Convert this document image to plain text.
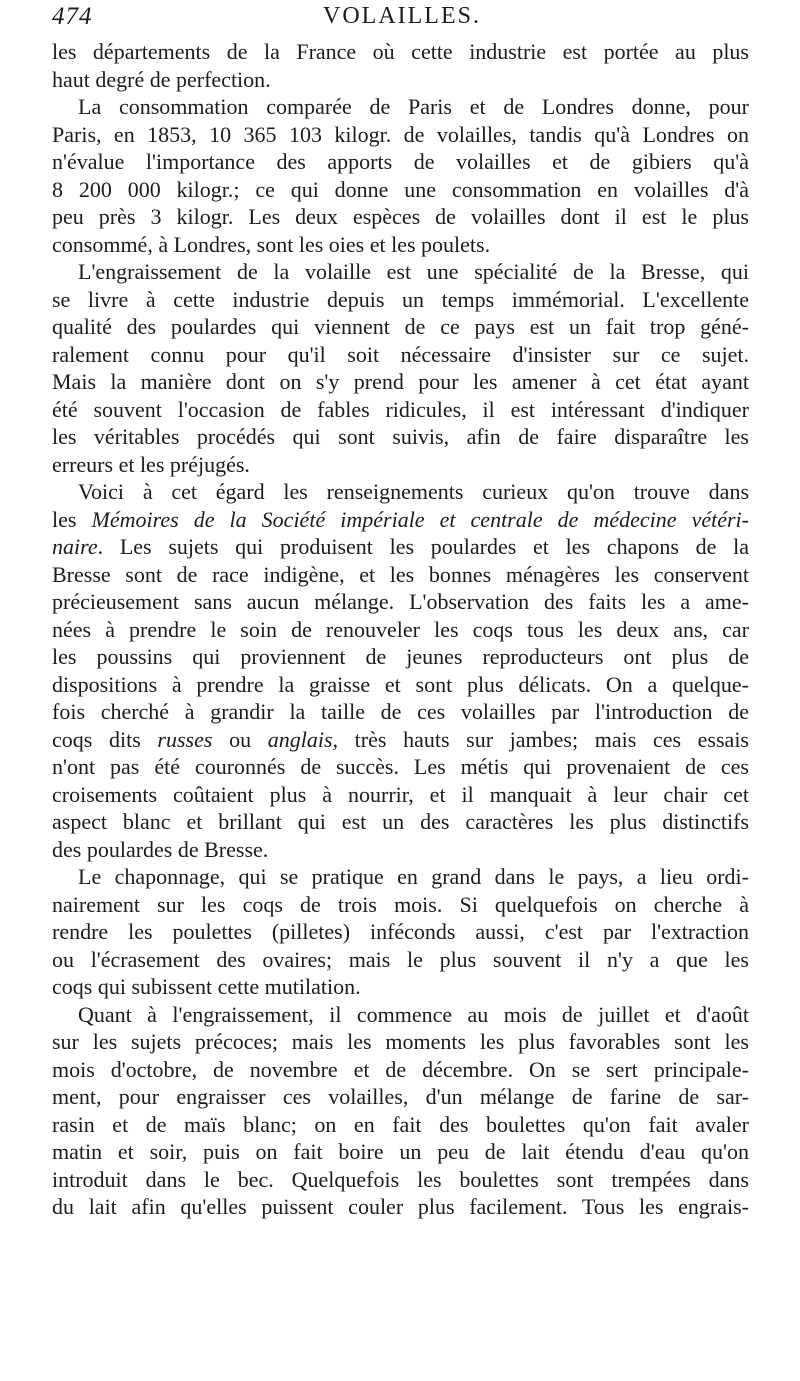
474	VOLAILLES.
les départements de la France où cette industrie est portée au plus
haut degré de perfection.
La consommation comparée de Paris et de Londres donne, pour
Paris, en 1853, 10 365 103 kilogr. de volailles, tandis qu'à Londres on
n'évalue l'importance des apports de volailles et de gibiers qu'à
8 200 000 kilogr.; ce qui donne une consommation en volailles d'à
peu près 3 kilogr. Les deux espèces de volailles dont il est le plus
consommé, à Londres, sont les oies et les poulets.
L'engraissement de la volaille est une spécialité de la Bresse, qui
se livre à cette industrie depuis un temps immémorial. L'excellente
qualité des poulardes qui viennent de ce pays est un fait trop géné-
ralement connu pour qu'il soit nécessaire d'insister sur ce sujet.
Mais la manière dont on s'y prend pour les amener à cet état ayant
été souvent l'occasion de fables ridicules, il est intéressant d'indiquer
les véritables procédés qui sont suivis, afin de faire disparaître les
erreurs et les préjugés.
Voici à cet égard les renseignements curieux qu'on trouve dans
les Mémoires de la Société impériale et centrale de médecine vétéri-
naire. Les sujets qui produisent les poulardes et les chapons de la
Bresse sont de race indigène, et les bonnes ménagères les conservent
précieusement sans aucun mélange. L'observation des faits les a ame-
nées à prendre le soin de renouveler les coqs tous les deux ans, car
les poussins qui proviennent de jeunes reproducteurs ont plus de
dispositions à prendre la graisse et sont plus délicats. On a quelque-
fois cherché à grandir la taille de ces volailles par l'introduction de
coqs dits russes ou anglais, très hauts sur jambes; mais ces essais
n'ont pas été couronnés de succès. Les métis qui provenaient de ces
croisements coûtaient plus à nourrir, et il manquait à leur chair cet
aspect blanc et brillant qui est un des caractères les plus distinctifs
des poulardes de Bresse.
Le chaponnage, qui se pratique en grand dans le pays, a lieu ordi-
nairement sur les coqs de trois mois. Si quelquefois on cherche à
rendre les poulettes (pilletes) inféconds aussi, c'est par l'extraction
ou l'écrasement des ovaires; mais le plus souvent il n'y a que les
coqs qui subissent cette mutilation.
Quant à l'engraissement, il commence au mois de juillet et d'août
sur les sujets précoces; mais les moments les plus favorables sont les
mois d'octobre, de novembre et de décembre. On se sert principale-
ment, pour engraisser ces volailles, d'un mélange de farine de sar-
rasin et de maïs blanc; on en fait des boulettes qu'on fait avaler
matin et soir, puis on fait boire un peu de lait étendu d'eau qu'on
introduit dans le bec. Quelquefois les boulettes sont trempées dans
du lait afin qu'elles puissent couler plus facilement. Tous les engrais-
